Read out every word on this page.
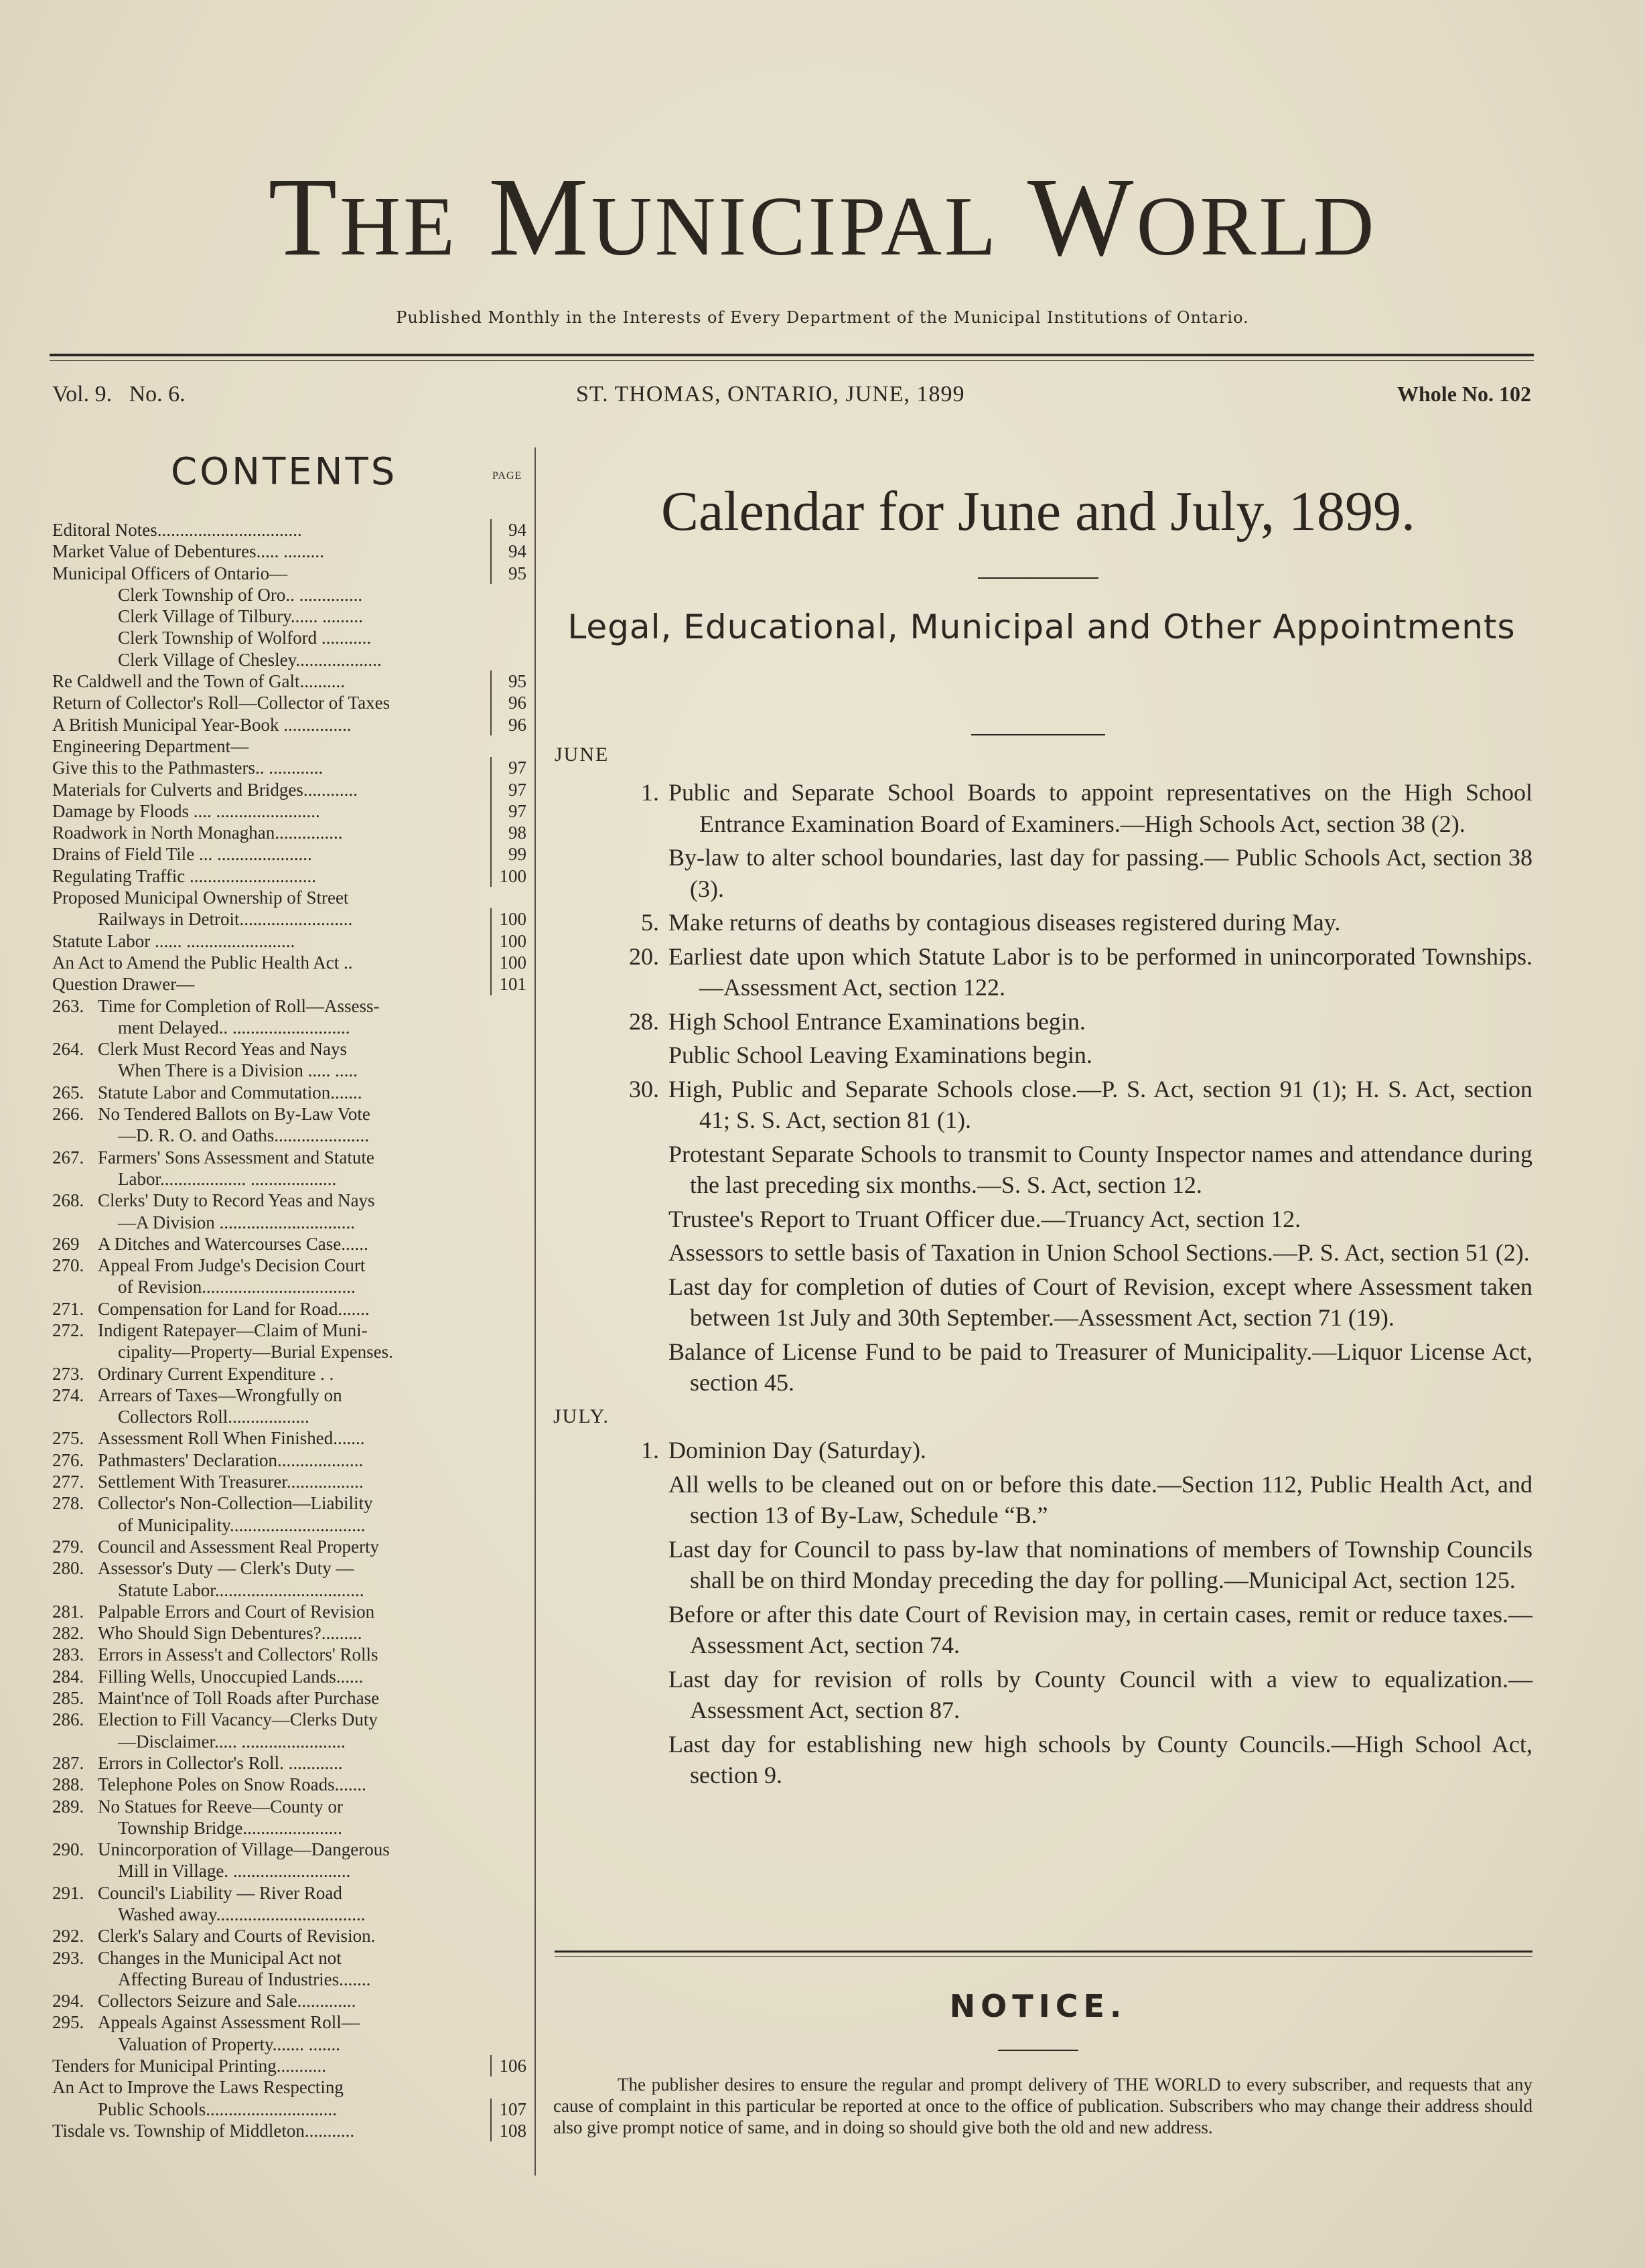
THE MUNICIPAL WORLD
Published Monthly in the Interests of Every Department of the Municipal Institutions of Ontario.
Vol. 9.   No. 6.	ST. THOMAS, ONTARIO, JUNE, 1899	Whole No. 102
CONTENTS	PAGE
Editoral Notes................................	94
Market Value of Debentures..... .........	94
Municipal Officers of Ontario—	95
Clerk Township of Oro.. ..............
Clerk Village of Tilbury...... .........
Clerk Township of Wolford ...........
Clerk Village of Chesley...................
Re Caldwell and the Town of Galt..........	95
Return of Collector's Roll—Collector of Taxes	96
A British Municipal Year-Book ...............	96
Engineering Department—
Give this to the Pathmasters.. ............	97
Materials for Culverts and Bridges............	97
Damage by Floods .... .......................	97
Roadwork in North Monaghan...............	98
Drains of Field Tile ... .....................	99
Regulating Traffic ............................	100
Proposed Municipal Ownership of Street
Railways in Detroit.........................	100
Statute Labor ...... ........................	100
An Act to Amend the Public Health Act ..	100
Question Drawer—	101
263. Time for Completion of Roll—Assess-
ment Delayed.. ..........................
264. Clerk Must Record Yeas and Nays
When There is a Division ..... .....
265. Statute Labor and Commutation.......
266. No Tendered Ballots on By-Law Vote
—D. R. O. and Oaths.....................
267. Farmers' Sons Assessment and Statute
Labor................... ...................
268. Clerks' Duty to Record Yeas and Nays
—A Division ..............................
269	A Ditches and Watercourses Case......
270. Appeal From Judge's Decision Court
of Revision..................................
271. Compensation for Land for Road.......
272. Indigent Ratepayer—Claim of Muni-
cipality—Property—Burial Expenses.
273. Ordinary Current Expenditure . .
274. Arrears of Taxes—Wrongfully on
Collectors Roll..................
275. Assessment Roll When Finished.......
276. Pathmasters' Declaration...................
277. Settlement With Treasurer.................
278. Collector's Non-Collection—Liability
of Municipality..............................
279. Council and Assessment Real Property
280. Assessor's Duty — Clerk's Duty —
Statute Labor.................................
281. Palpable Errors and Court of Revision
282. Who Should Sign Debentures?.........
283. Errors in Assess't and Collectors' Rolls
284. Filling Wells, Unoccupied Lands......
285. Maint'nce of Toll Roads after Purchase
286. Election to Fill Vacancy—Clerks Duty
—Disclaimer..... .......................
287. Errors in Collector's Roll. ............
288. Telephone Poles on Snow Roads.......
289. No Statues for Reeve—County or
Township Bridge......................
290. Unincorporation of Village—Dangerous
Mill in Village. ..........................
291. Council's Liability — River Road
Washed away.................................
292. Clerk's Salary and Courts of Revision.
293. Changes in the Municipal Act not
Affecting Bureau of Industries.......
294. Collectors Seizure and Sale.............
295. Appeals Against Assessment Roll—
Valuation of Property....... .......
Tenders for Municipal Printing...........	106
An Act to Improve the Laws Respecting
Public Schools.............................	107
Tisdale vs. Township of Middleton...........	108
Calendar for June and July, 1899.
Legal, Educational, Municipal and Other Appointments
JUNE
1. Public and Separate School Boards to appoint representatives on the High School Entrance Examination Board of Examiners.—High Schools Act, section 38 (2).
By-law to alter school boundaries, last day for passing.— Public Schools Act, section 38 (3).
5. Make returns of deaths by contagious diseases registered during May.
20. Earliest date upon which Statute Labor is to be performed in unincorporated Townships.—Assessment Act, section 122.
28. High School Entrance Examinations begin.
Public School Leaving Examinations begin.
30. High, Public and Separate Schools close.—P. S. Act, section 91 (1); H. S. Act, section 41; S. S. Act, section 81 (1).
Protestant Separate Schools to transmit to County Inspector names and attendance during the last preceding six months.—S. S. Act, section 12.
Trustee's Report to Truant Officer due.—Truancy Act, section 12.
Assessors to settle basis of Taxation in Union School Sections.—P. S. Act, section 51 (2).
Last day for completion of duties of Court of Revision, except where Assessment taken between 1st July and 30th September.—Assessment Act, section 71 (19).
Balance of License Fund to be paid to Treasurer of Municipality.—Liquor License Act, section 45.
JULY.
1. Dominion Day (Saturday).
All wells to be cleaned out on or before this date.—Section 112, Public Health Act, and section 13 of By-Law, Schedule “B.”
Last day for Council to pass by-law that nominations of members of Township Councils shall be on third Monday preceding the day for polling.—Municipal Act, section 125.
Before or after this date Court of Revision may, in certain cases, remit or reduce taxes.—Assessment Act, section 74.
Last day for revision of rolls by County Council with a view to equalization.—Assessment Act, section 87.
Last day for establishing new high schools by County Councils.—High School Act, section 9.
NOTICE.
The publisher desires to ensure the regular and prompt delivery of THE WORLD to every subscriber, and requests that any cause of complaint in this particular be reported at once to the office of publication. Subscribers who may change their address should also give prompt notice of same, and in doing so should give both the old and new address.
